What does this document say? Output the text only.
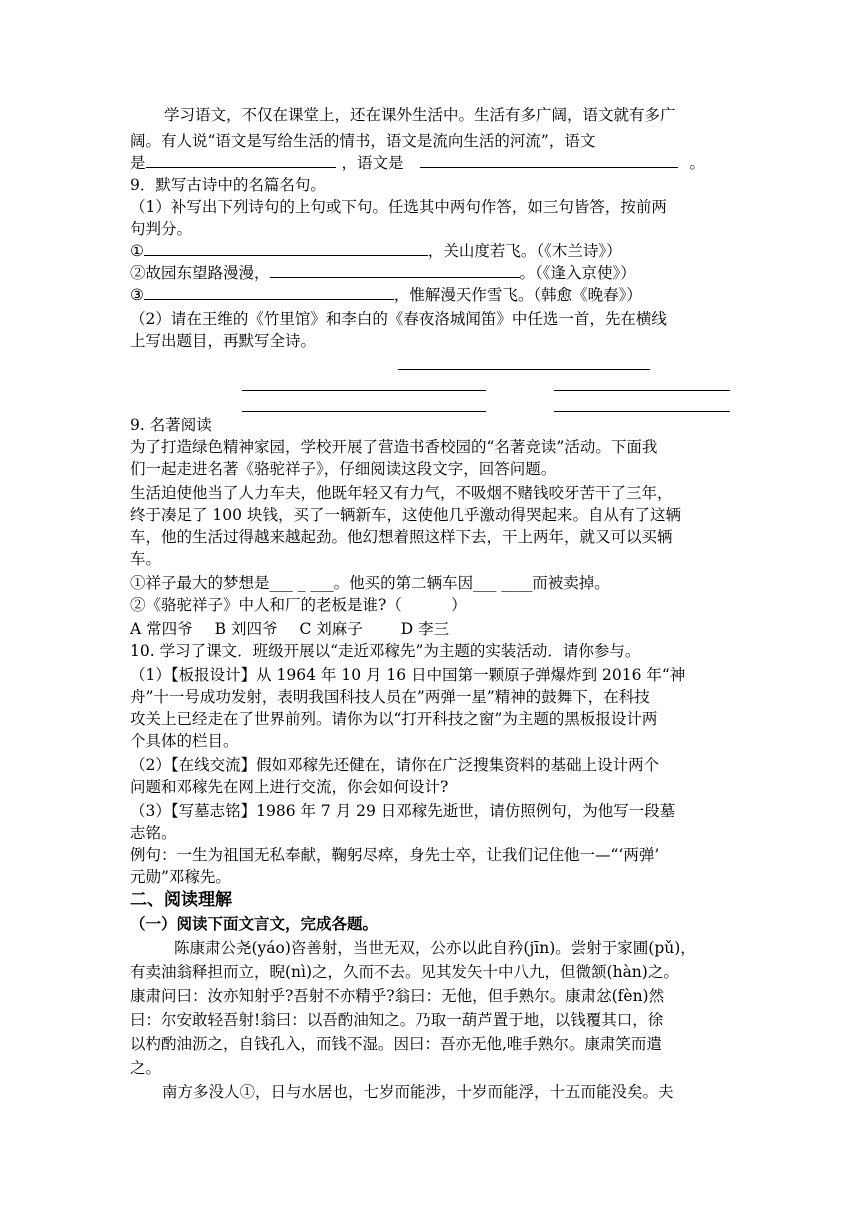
学习语文，不仅在课堂上，还在课外生活中。生活有多广阔，语文就有多广
阔。有人说“语文是写给生活的情书，语文是流向生活的河流”，语文
是	，语文是	。
9．默写古诗中的名篇名句。
（1）补写出下列诗句的上句或下句。任选其中两句作答，如三句皆答，按前两
句判分。
①	，关山度若飞。（《木兰诗》）
②故园东望路漫漫，	。（《逢入京使》）
③	，惟解漫天作雪飞。（韩愈《晚春》）
（2）请在王维的《竹里馆》和李白的《春夜洛城闻笛》中任选一首，先在横线
上写出题目，再默写全诗。
9. 名著阅读
为了打造绿色精神家园，学校开展了营造书香校园的“名著竞读”活动。下面我
们一起走进名著《骆驼祥子》，仔细阅读这段文字，回答问题。
生活迫使他当了人力车夫，他既年轻又有力气，不吸烟不赌钱咬牙苦干了三年，
终于凑足了 100 块钱，买了一辆新车，这使他几乎激动得哭起来。自从有了这辆
车，他的生活过得越来越起劲。他幻想着照这样下去，干上两年，就又可以买辆
车。
①祥子最大的梦想是___ _ ___。他买的第二辆车因___ ____而被卖掉。
②《骆驼祥子》中人和厂的老板是谁?（          ）
A 常四爷 B 刘四爷 C 刘麻子 D 李三
10. 学习了课文．班级开展以“走近邓稼先”为主题的实装活动．请你参与。
（1）【板报设计】从 1964 年 10 月 16 日中国第一颗原子弹爆炸到 2016 年“神
舟”十一号成功发射，表明我国科技人员在”两弹一星”精神的鼓舞下，在科技
攻关上已经走在了世界前列。请你为以“打开科技之窗”为主题的黑板报设计两
个具体的栏目。
（2）【在线交流】假如邓稼先还健在，请你在广泛搜集资料的基础上设计两个
问题和邓稼先在网上进行交流，你会如何设计?
（3）【写墓志铭】1986 年 7 月 29 日邓稼先逝世，请仿照例句，为他写一段墓
志铭。
例句：一生为祖国无私奉献，鞠躬尽瘁，身先士卒，让我们记住他一—“‘两弹’
元勋”邓稼先。
二、阅读理解
（一）阅读下面文言文，完成各题。
陈康肃公尧(yáo)咨善射，当世无双，公亦以此自矜(jīn)。尝射于家圃(pǔ)，
有卖油翁释担而立，睨(nì)之，久而不去。见其发矢十中八九，但微颔(hàn)之。
康肃问曰：汝亦知射乎?吾射不亦精乎?翁曰：无他，但手熟尔。康肃忿(fèn)然
曰：尔安敢轻吾射!翁曰：以吾酌油知之。乃取一葫芦置于地，以钱覆其口，徐
以杓酌油沥之，自钱孔入，而钱不湿。因曰：吾亦无他,唯手熟尔。康肃笑而遣
之。
南方多没人①，日与水居也，七岁而能涉，十岁而能浮，十五而能没矣。夫
